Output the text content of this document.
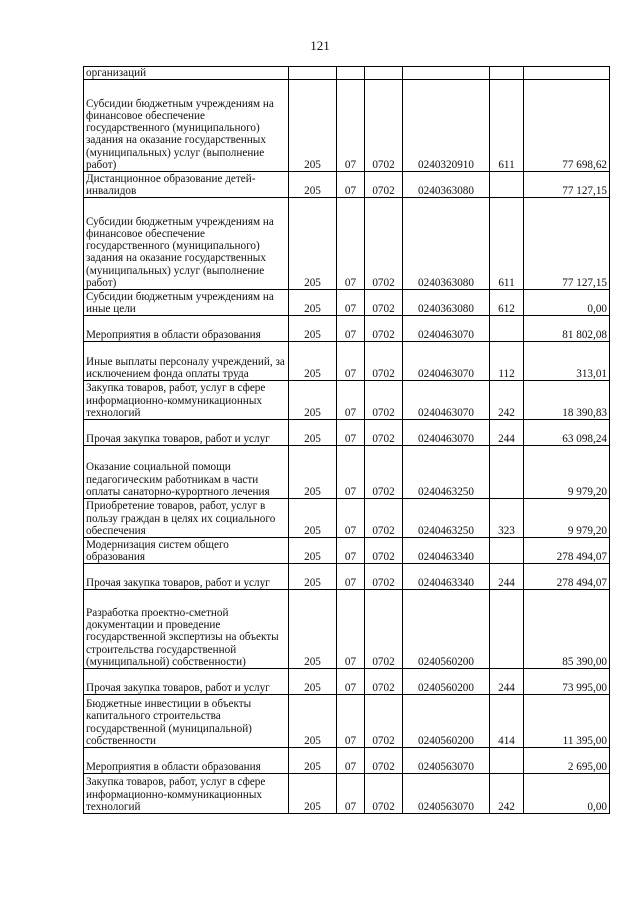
121
организаций						
Субсидии бюджетным учреждениям на финансовое обеспечение государственного (муниципального) задания на оказание государственных (муниципальных) услуг (выполнение работ)	205	07	0702	0240320910	611	77 698,62
Дистанционное образование детей-инвалидов	205	07	0702	0240363080		77 127,15
Субсидии бюджетным учреждениям на финансовое обеспечение государственного (муниципального) задания на оказание государственных (муниципальных) услуг (выполнение работ)	205	07	0702	0240363080	611	77 127,15
Субсидии бюджетным учреждениям на иные цели	205	07	0702	0240363080	612	0,00
Мероприятия в области образования	205	07	0702	0240463070		81 802,08
Иные выплаты персоналу учреждений, за исключением фонда оплаты труда	205	07	0702	0240463070	112	313,01
Закупка товаров, работ, услуг в сфере информационно-коммуникационных технологий	205	07	0702	0240463070	242	18 390,83
Прочая закупка товаров, работ и услуг	205	07	0702	0240463070	244	63 098,24
Оказание социальной помощи педагогическим работникам в части оплаты санаторно-курортного лечения	205	07	0702	0240463250		9 979,20
Приобретение товаров, работ, услуг в пользу граждан в целях их социального обеспечения	205	07	0702	0240463250	323	9 979,20
Модернизация систем общего образования	205	07	0702	0240463340		278 494,07
Прочая закупка товаров, работ и услуг	205	07	0702	0240463340	244	278 494,07
Разработка проектно-сметной документации и проведение государственной экспертизы на объекты строительства государственной (муниципальной) собственности)	205	07	0702	0240560200		85 390,00
Прочая закупка товаров, работ и услуг	205	07	0702	0240560200	244	73 995,00
Бюджетные инвестиции в объекты капитального строительства государственной (муниципальной) собственности	205	07	0702	0240560200	414	11 395,00
Мероприятия в области образования	205	07	0702	0240563070		2 695,00
Закупка товаров, работ, услуг в сфере информационно-коммуникационных технологий	205	07	0702	0240563070	242	0,00
